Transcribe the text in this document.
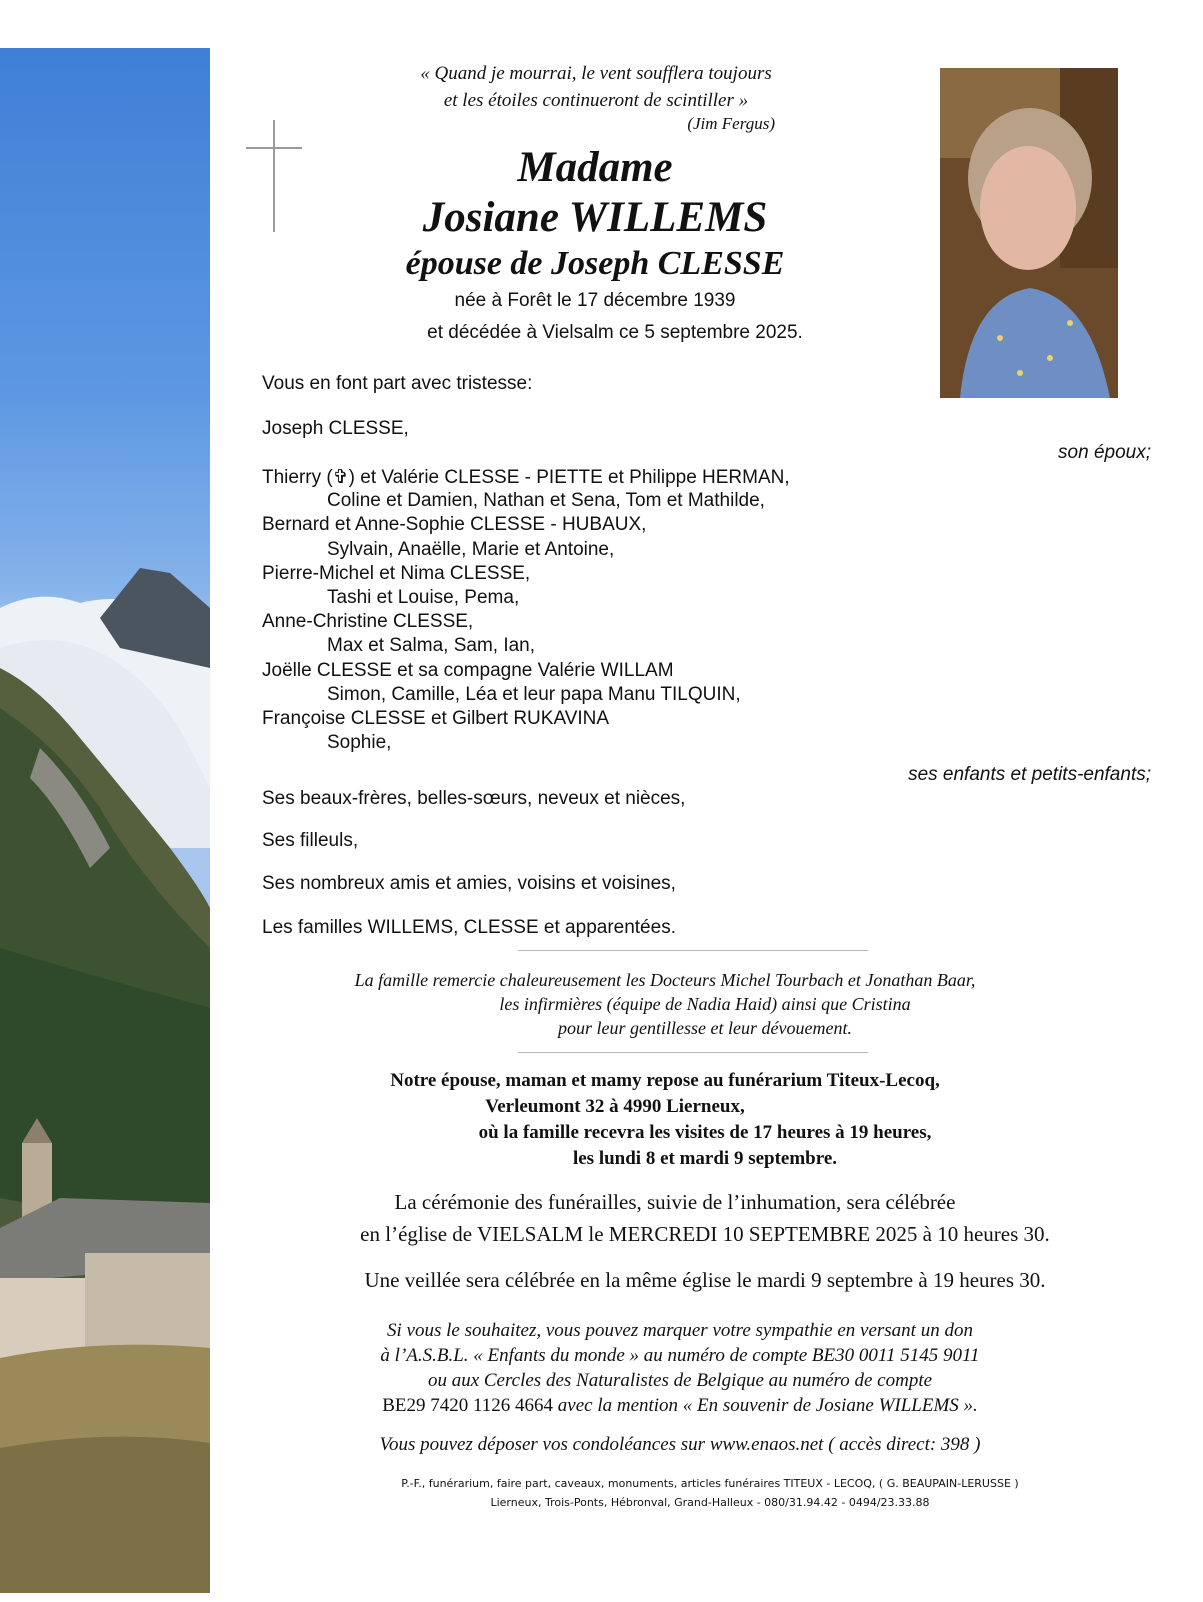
« Quand je mourrai, le vent soufflera toujours
et les étoiles continueront de scintiller »
(Jim Fergus)
Madame
Josiane WILLEMS
épouse de Joseph CLESSE
née à Forêt le 17 décembre 1939
et décédée à Vielsalm ce 5 septembre 2025.
Vous en font part avec tristesse:
Joseph CLESSE,
son époux;
Thierry (✞) et Valérie CLESSE - PIETTE et Philippe HERMAN,
Coline et Damien, Nathan et Sena, Tom et Mathilde,
Bernard et Anne-Sophie CLESSE - HUBAUX,
Sylvain, Anaëlle, Marie et Antoine,
Pierre-Michel et Nima CLESSE,
Tashi et Louise, Pema,
Anne-Christine CLESSE,
Max et Salma, Sam, Ian,
Joëlle CLESSE et sa compagne Valérie WILLAM
Simon, Camille, Léa et leur papa Manu TILQUIN,
Françoise CLESSE et Gilbert RUKAVINA
Sophie,
ses enfants et petits-enfants;
Ses beaux-frères, belles-sœurs, neveux et nièces,
Ses filleuls,
Ses nombreux amis et amies, voisins et voisines,
Les familles WILLEMS, CLESSE et apparentées.
La famille remercie chaleureusement les Docteurs Michel Tourbach et Jonathan Baar,
les infirmières (équipe de Nadia Haid) ainsi que Cristina
pour leur gentillesse et leur dévouement.
Notre épouse, maman et mamy repose au funérarium Titeux-Lecoq,
Verleumont 32 à 4990 Lierneux,
où la famille recevra les visites de 17 heures à 19 heures,
les lundi 8 et mardi 9 septembre.
La cérémonie des funérailles, suivie de l’inhumation, sera célébrée
en l’église de VIELSALM le MERCREDI 10 SEPTEMBRE 2025 à 10 heures 30.
Une veillée sera célébrée en la même église le mardi 9 septembre à 19 heures 30.
Si vous le souhaitez, vous pouvez marquer votre sympathie en versant un don
à l’A.S.B.L. « Enfants du monde » au numéro de compte BE30 0011 5145 9011
ou aux Cercles des Naturalistes de Belgique au numéro de compte
BE29 7420 1126 4664 avec la mention « En souvenir de Josiane WILLEMS ».
Vous pouvez déposer vos condoléances sur www.enaos.net ( accès direct: 398 )
P.-F., funérarium, faire part, caveaux, monuments, articles funéraires TITEUX - LECOQ, ( G. BEAUPAIN-LERUSSE )
Lierneux, Trois-Ponts, Hébronval, Grand-Halleux - 080/31.94.42 - 0494/23.33.88
